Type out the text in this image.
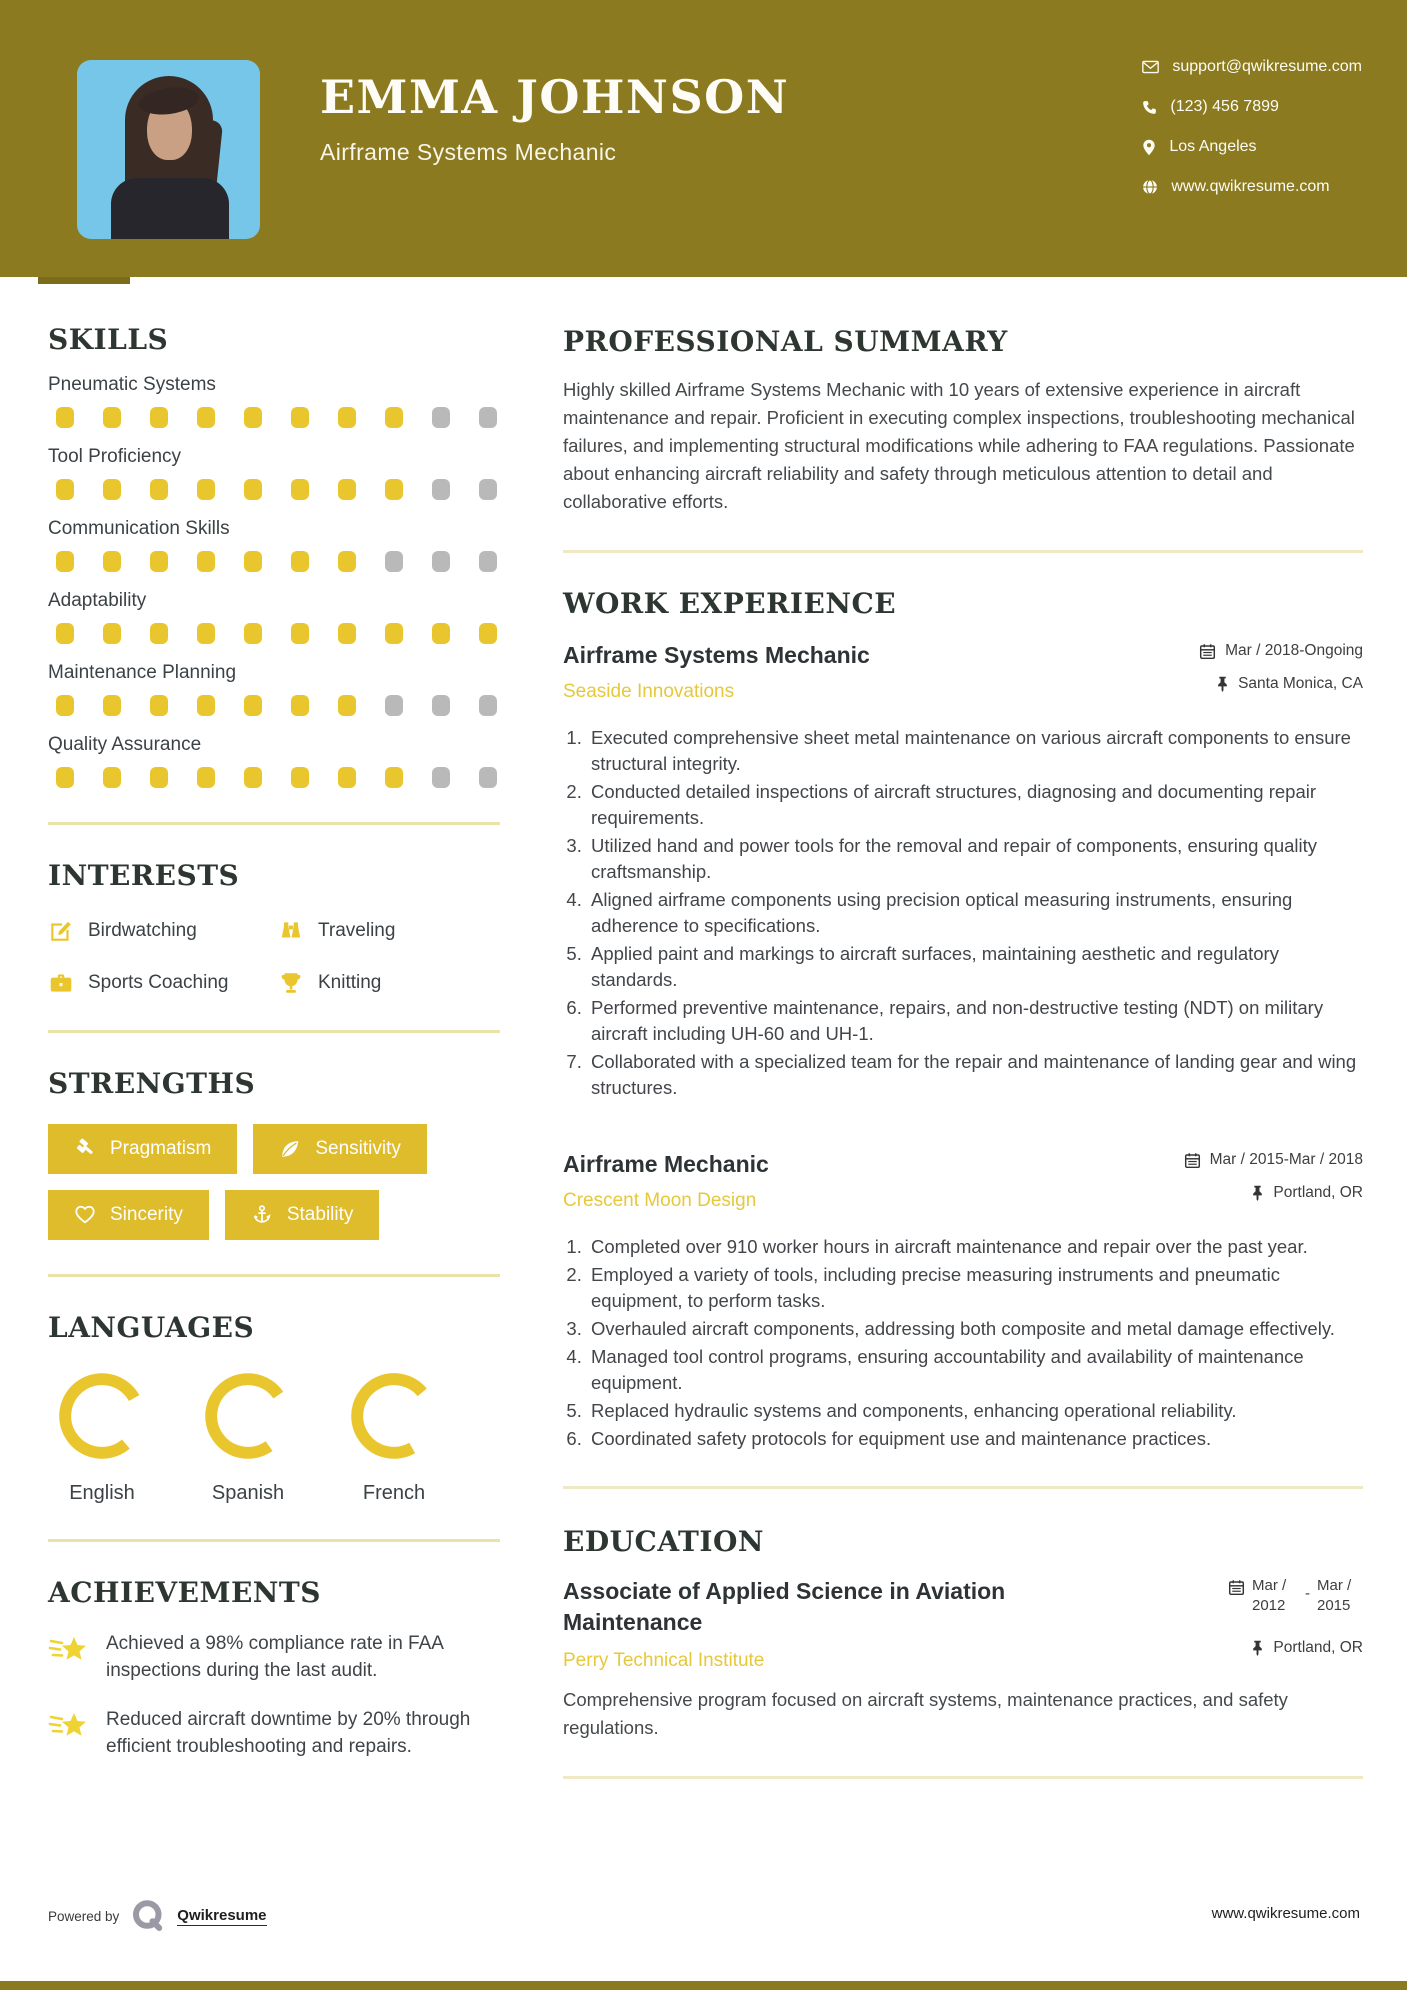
EMMA JOHNSON
Airframe Systems Mechanic
support@qwikresume.com
(123) 456 7899
Los Angeles
www.qwikresume.com
SKILLS
Pneumatic Systems
Tool Proficiency
Communication Skills
Adaptability
Maintenance Planning
Quality Assurance
INTERESTS
Birdwatching	Traveling
Sports Coaching	Knitting
STRENGTHS
Pragmatism	Sensitivity
Sincerity	Stability
LANGUAGES
English	Spanish	French
ACHIEVEMENTS
Achieved a 98% compliance rate in FAA inspections during the last audit.
Reduced aircraft downtime by 20% through efficient troubleshooting and repairs.
PROFESSIONAL SUMMARY
Highly skilled Airframe Systems Mechanic with 10 years of extensive experience in aircraft maintenance and repair. Proficient in executing complex inspections, troubleshooting mechanical failures, and implementing structural modifications while adhering to FAA regulations. Passionate about enhancing aircraft reliability and safety through meticulous attention to detail and collaborative efforts.
WORK EXPERIENCE
Airframe Systems Mechanic
Seaside Innovations
Mar / 2018-Ongoing
Santa Monica, CA
1. Executed comprehensive sheet metal maintenance on various aircraft components to ensure structural integrity.
2. Conducted detailed inspections of aircraft structures, diagnosing and documenting repair requirements.
3. Utilized hand and power tools for the removal and repair of components, ensuring quality craftsmanship.
4. Aligned airframe components using precision optical measuring instruments, ensuring adherence to specifications.
5. Applied paint and markings to aircraft surfaces, maintaining aesthetic and regulatory standards.
6. Performed preventive maintenance, repairs, and non-destructive testing (NDT) on military aircraft including UH-60 and UH-1.
7. Collaborated with a specialized team for the repair and maintenance of landing gear and wing structures.
Airframe Mechanic
Crescent Moon Design
Mar / 2015-Mar / 2018
Portland, OR
1. Completed over 910 worker hours in aircraft maintenance and repair over the past year.
2. Employed a variety of tools, including precise measuring instruments and pneumatic equipment, to perform tasks.
3. Overhauled aircraft components, addressing both composite and metal damage effectively.
4. Managed tool control programs, ensuring accountability and availability of maintenance equipment.
5. Replaced hydraulic systems and components, enhancing operational reliability.
6. Coordinated safety protocols for equipment use and maintenance practices.
EDUCATION
Associate of Applied Science in Aviation Maintenance
Perry Technical Institute
Mar / 2012
- Mar / 2015
Portland, OR
Comprehensive program focused on aircraft systems, maintenance practices, and safety regulations.
Powered by	Qwikresume	www.qwikresume.com
